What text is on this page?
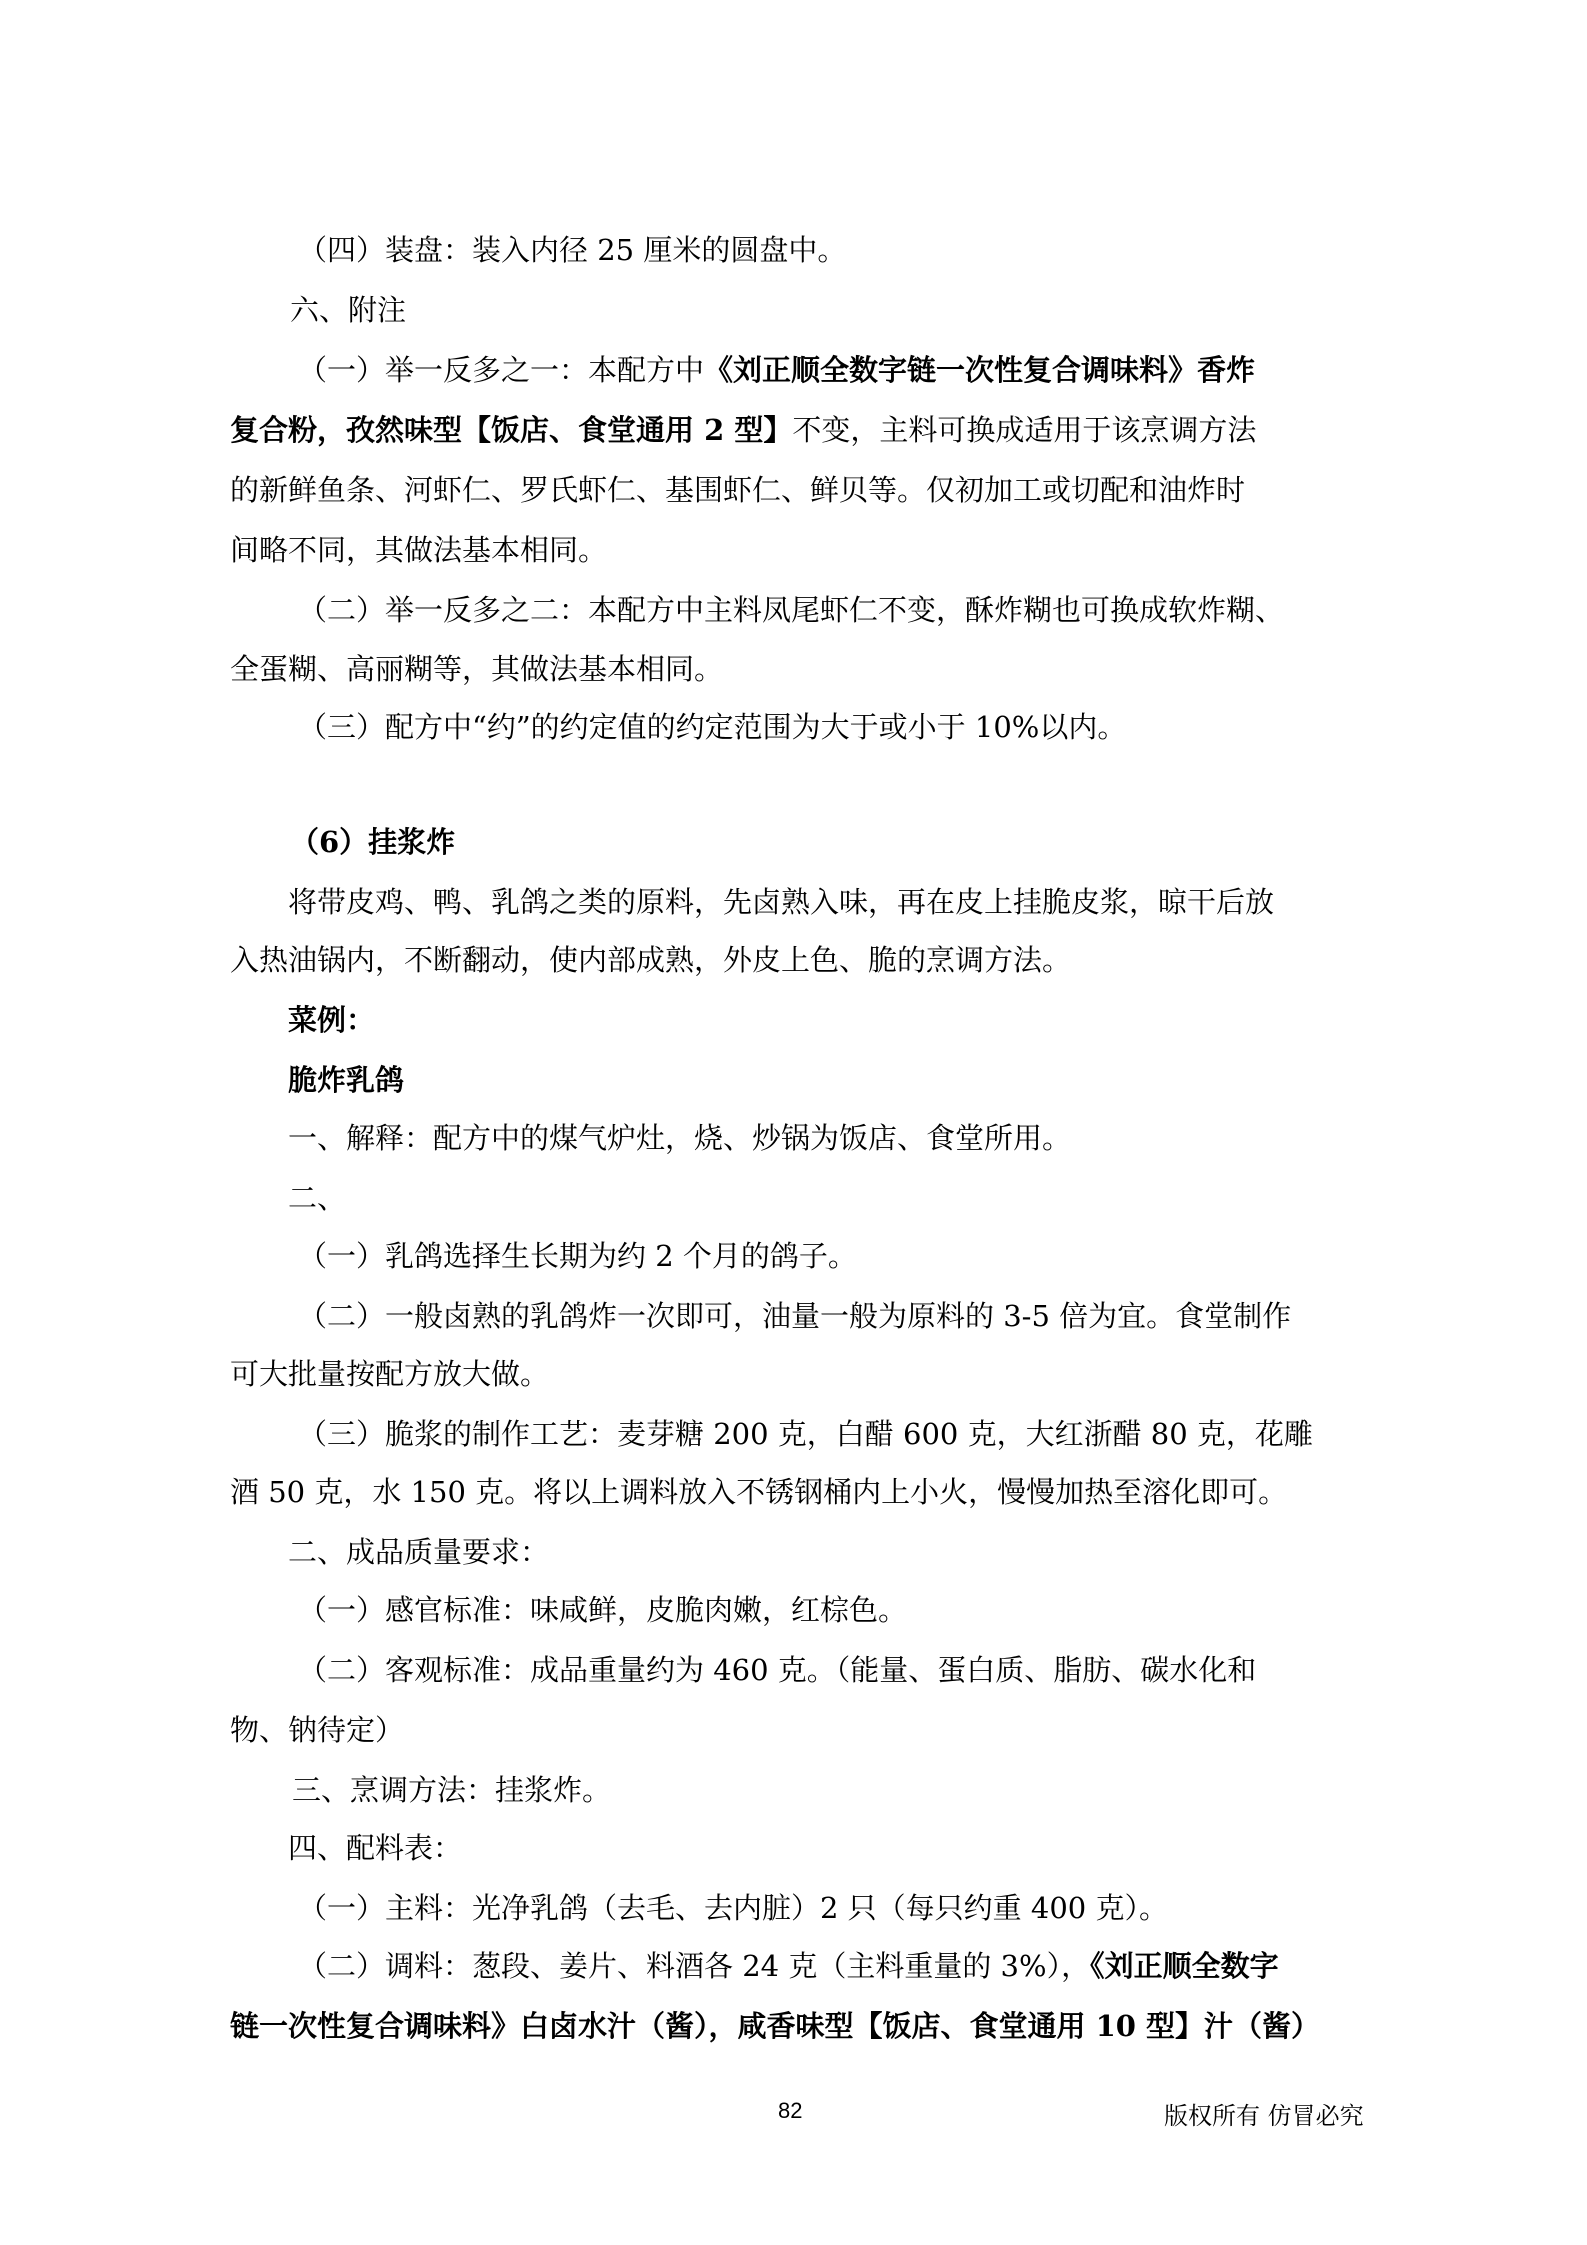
（四）装盘：装入内径 25 厘米的圆盘中。
六、附注
（一）举一反多之一：本配方中《刘正顺全数字链一次性复合调味料》香炸
复合粉，孜然味型【饭店、食堂通用 2 型】不变，主料可换成适用于该烹调方法
的新鲜鱼条、河虾仁、罗氏虾仁、基围虾仁、鲜贝等。仅初加工或切配和油炸时
间略不同，其做法基本相同。
（二）举一反多之二：本配方中主料凤尾虾仁不变，酥炸糊也可换成软炸糊、
全蛋糊、高丽糊等，其做法基本相同。
（三）配方中“约”的约定值的约定范围为大于或小于 10%以内。
（6）挂浆炸
将带皮鸡、鸭、乳鸽之类的原料，先卤熟入味，再在皮上挂脆皮浆，晾干后放
入热油锅内，不断翻动，使内部成熟，外皮上色、脆的烹调方法。
菜例：
脆炸乳鸽
一、解释：配方中的煤气炉灶，烧、炒锅为饭店、食堂所用。
二、
（一）乳鸽选择生长期为约 2 个月的鸽子。
（二）一般卤熟的乳鸽炸一次即可，油量一般为原料的 3-5 倍为宜。食堂制作
可大批量按配方放大做。
（三）脆浆的制作工艺：麦芽糖 200 克，白醋 600 克，大红浙醋 80 克，花雕
酒 50 克，水 150 克。将以上调料放入不锈钢桶内上小火，慢慢加热至溶化即可。
二、成品质量要求：
（一）感官标准：味咸鲜，皮脆肉嫩，红棕色。
（二）客观标准：成品重量约为 460 克。（能量、蛋白质、脂肪、碳水化和
物、钠待定）
三、烹调方法：挂浆炸。
四、配料表：
（一）主料：光净乳鸽（去毛、去内脏）2 只（每只约重 400 克）。
（二）调料：葱段、姜片、料酒各 24 克（主料重量的 3%），《刘正顺全数字
链一次性复合调味料》白卤水汁（酱），咸香味型【饭店、食堂通用 10 型】汁（酱）
82	版权所有 仿冒必究
